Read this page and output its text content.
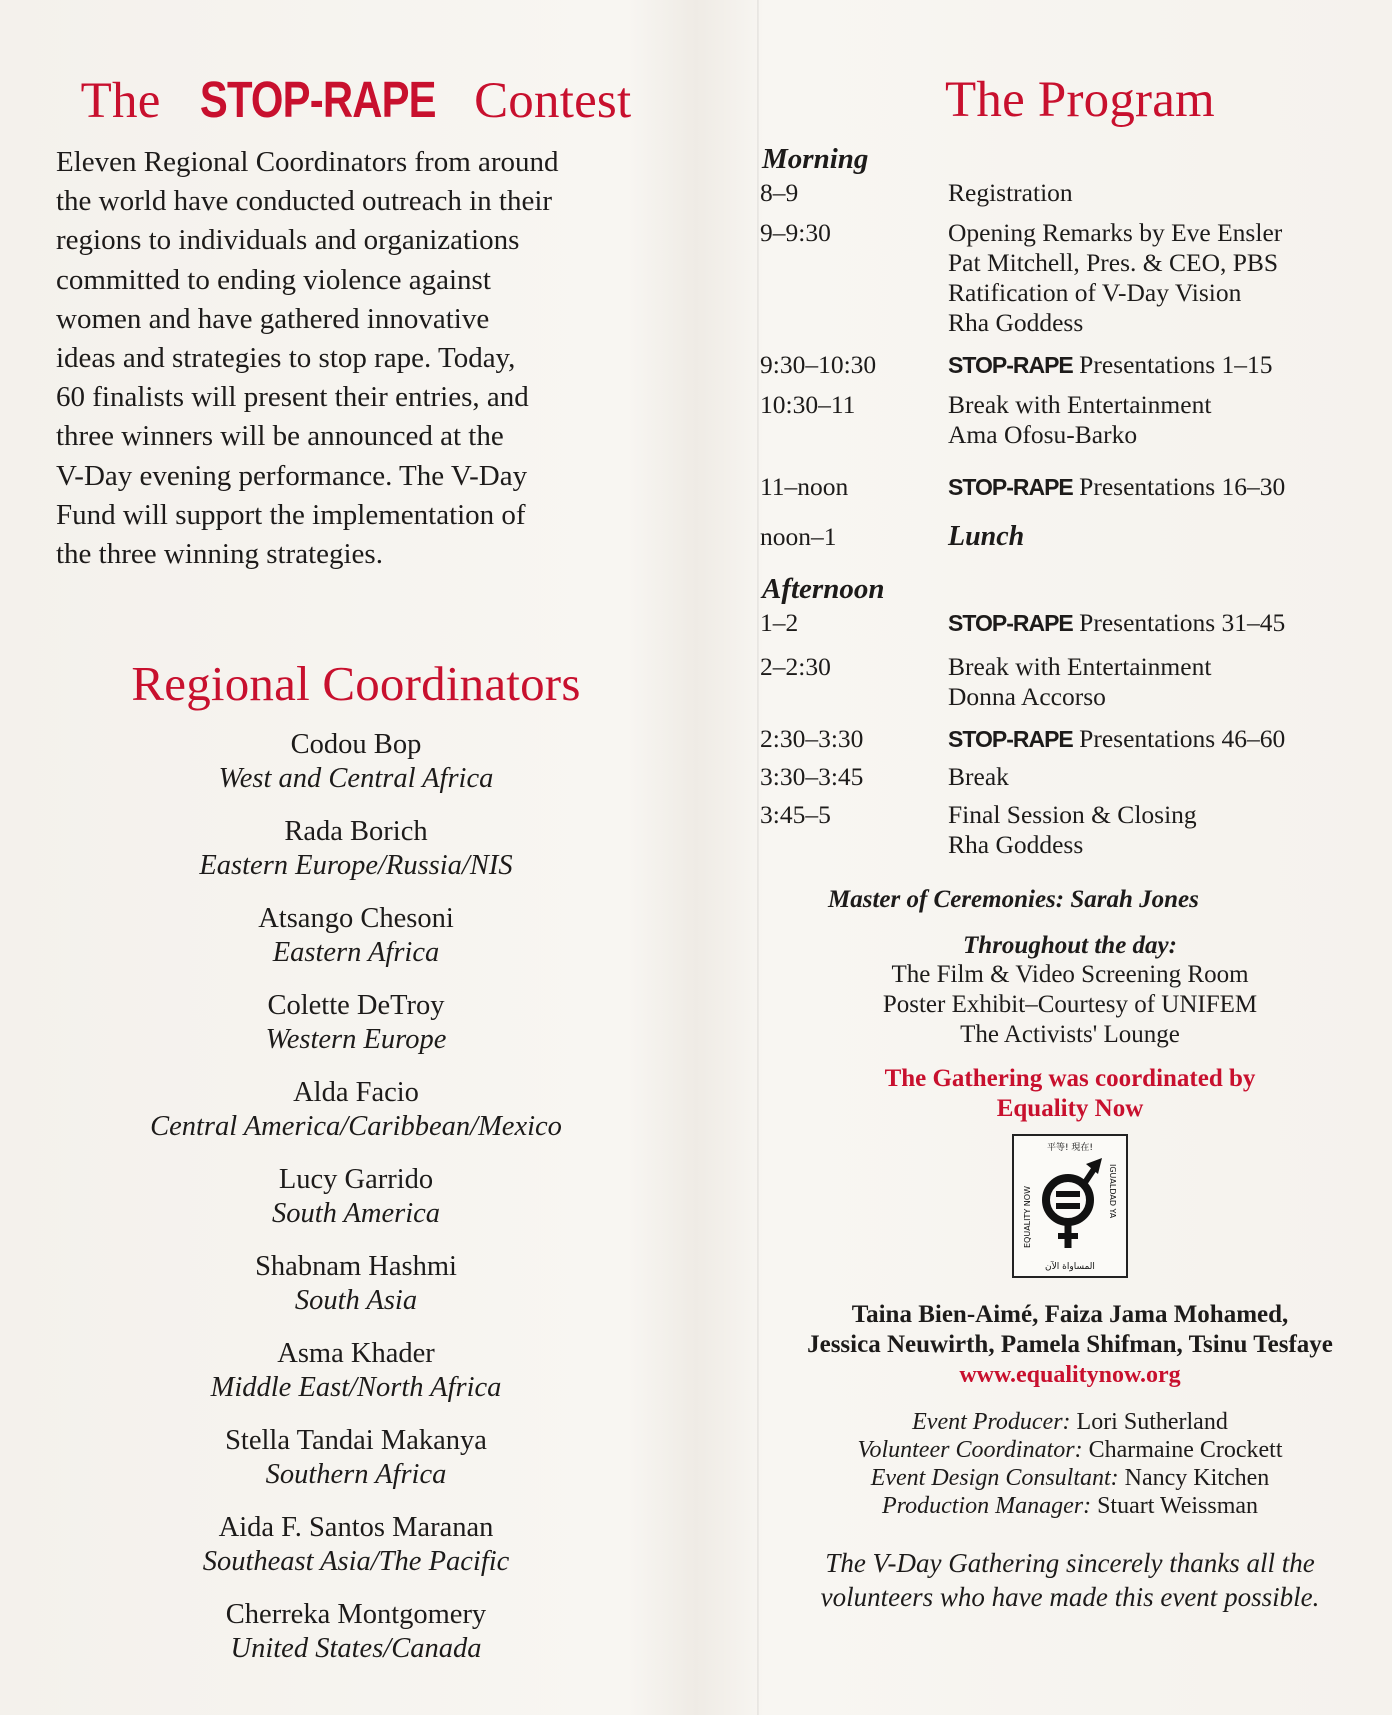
The STOP-RAPE Contest
Eleven Regional Coordinators from around
the world have conducted outreach in their
regions to individuals and organizations
committed to ending violence against
women and have gathered innovative
ideas and strategies to stop rape. Today,
60 finalists will present their entries, and
three winners will be announced at the
V-Day evening performance. The V-Day
Fund will support the implementation of
the three winning strategies.
Regional Coordinators
Codou Bop
West and Central Africa
Rada Borich
Eastern Europe/Russia/NIS
Atsango Chesoni
Eastern Africa
Colette DeTroy
Western Europe
Alda Facio
Central America/Caribbean/Mexico
Lucy Garrido
South America
Shabnam Hashmi
South Asia
Asma Khader
Middle East/North Africa
Stella Tandai Makanya
Southern Africa
Aida F. Santos Maranan
Southeast Asia/The Pacific
Cherreka Montgomery
United States/Canada
The Program
Morning
8–9	Registration
9–9:30	Opening Remarks by Eve Ensler
Pat Mitchell, Pres. & CEO, PBS
Ratification of V-Day Vision
Rha Goddess
9:30–10:30	STOP-RAPE Presentations 1–15
10:30–11	Break with Entertainment
Ama Ofosu-Barko
11–noon	STOP-RAPE Presentations 16–30
noon–1	Lunch
Afternoon
1–2	STOP-RAPE Presentations 31–45
2–2:30	Break with Entertainment
Donna Accorso
2:30–3:30	STOP-RAPE Presentations 46–60
3:30–3:45	Break
3:45–5	Final Session & Closing
Rha Goddess
Master of Ceremonies: Sarah Jones
Throughout the day:
The Film & Video Screening Room
Poster Exhibit–Courtesy of UNIFEM
The Activists' Lounge
The Gathering was coordinated by
Equality Now
平等! 現在!
EQUALITY NOW	IGUALDAD YA
المساواة الآن
Taina Bien-Aimé, Faiza Jama Mohamed,
Jessica Neuwirth, Pamela Shifman, Tsinu Tesfaye
www.equalitynow.org
Event Producer: Lori Sutherland
Volunteer Coordinator: Charmaine Crockett
Event Design Consultant: Nancy Kitchen
Production Manager: Stuart Weissman
The V-Day Gathering sincerely thanks all the
volunteers who have made this event possible.
